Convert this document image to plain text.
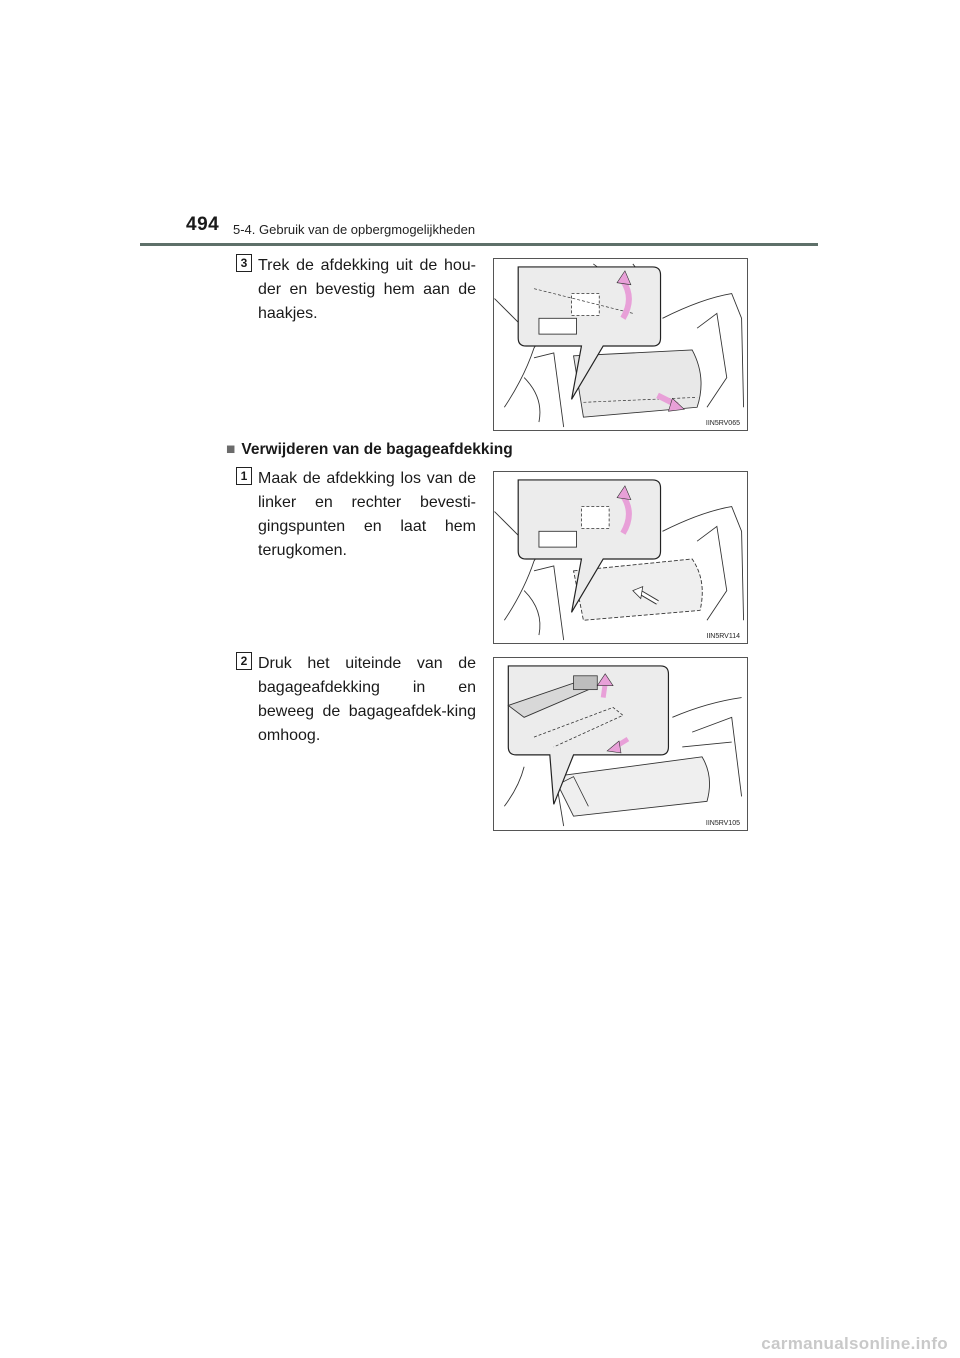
494 5-4. Gebruik van de opbergmogelijkheden
3 Trek de afdekking uit de hou-der en bevestig hem aan de haakjes.
IIN5RV065
■ Verwijderen van de bagageafdekking
1 Maak de afdekking los van de linker en rechter bevesti-gingspunten en laat hem terugkomen.
IIN5RV114
2 Druk het uiteinde van de bagageafdekking in en beweeg de bagageafdek-king omhoog.
IIN5RV105
carmanualsonline.info
